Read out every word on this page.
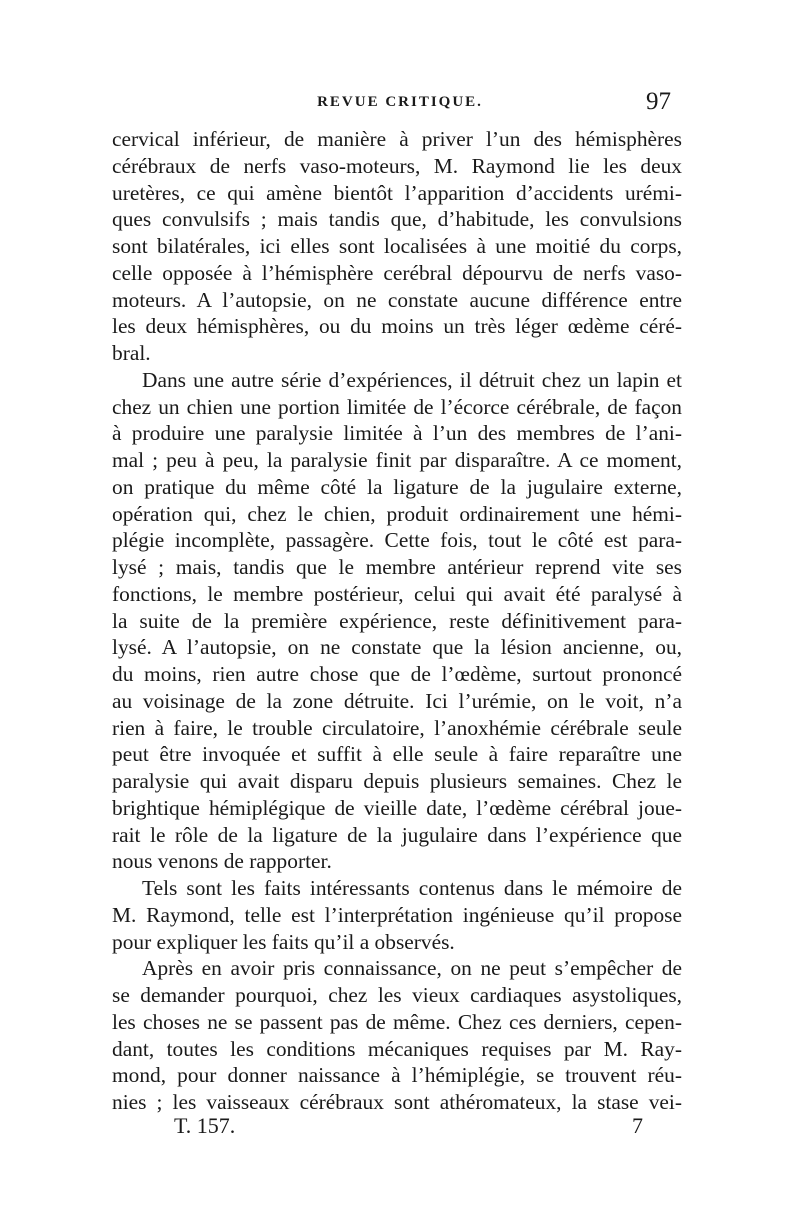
REVUE CRITIQUE.	97
cervical inférieur, de manière à priver l’un des hémisphères
cérébraux de nerfs vaso-moteurs, M. Raymond lie les deux
uretères, ce qui amène bientôt l’apparition d’accidents urémi-
ques convulsifs ; mais tandis que, d’habitude, les convulsions
sont bilatérales, ici elles sont localisées à une moitié du corps,
celle opposée à l’hémisphère cerébral dépourvu de nerfs vaso-
moteurs. A l’autopsie, on ne constate aucune différence entre
les deux hémisphères, ou du moins un très léger œdème céré-
bral.
Dans une autre série d’expériences, il détruit chez un lapin et
chez un chien une portion limitée de l’écorce cérébrale, de façon
à produire une paralysie limitée à l’un des membres de l’ani-
mal ; peu à peu, la paralysie finit par disparaître. A ce moment,
on pratique du même côté la ligature de la jugulaire externe,
opération qui, chez le chien, produit ordinairement une hémi-
plégie incomplète, passagère. Cette fois, tout le côté est para-
lysé ; mais, tandis que le membre antérieur reprend vite ses
fonctions, le membre postérieur, celui qui avait été paralysé à
la suite de la première expérience, reste définitivement para-
lysé. A l’autopsie, on ne constate que la lésion ancienne, ou,
du moins, rien autre chose que de l’œdème, surtout prononcé
au voisinage de la zone détruite. Ici l’urémie, on le voit, n’a
rien à faire, le trouble circulatoire, l’anoxhémie cérébrale seule
peut être invoquée et suffit à elle seule à faire reparaître une
paralysie qui avait disparu depuis plusieurs semaines. Chez le
brightique hémiplégique de vieille date, l’œdème cérébral joue-
rait le rôle de la ligature de la jugulaire dans l’expérience que
nous venons de rapporter.
Tels sont les faits intéressants contenus dans le mémoire de
M. Raymond, telle est l’interprétation ingénieuse qu’il propose
pour expliquer les faits qu’il a observés.
Après en avoir pris connaissance, on ne peut s’empêcher de
se demander pourquoi, chez les vieux cardiaques asystoliques,
les choses ne se passent pas de même. Chez ces derniers, cepen-
dant, toutes les conditions mécaniques requises par M. Ray-
mond, pour donner naissance à l’hémiplégie, se trouvent réu-
nies ; les vaisseaux cérébraux sont athéromateux, la stase vei-
T. 157.	7
